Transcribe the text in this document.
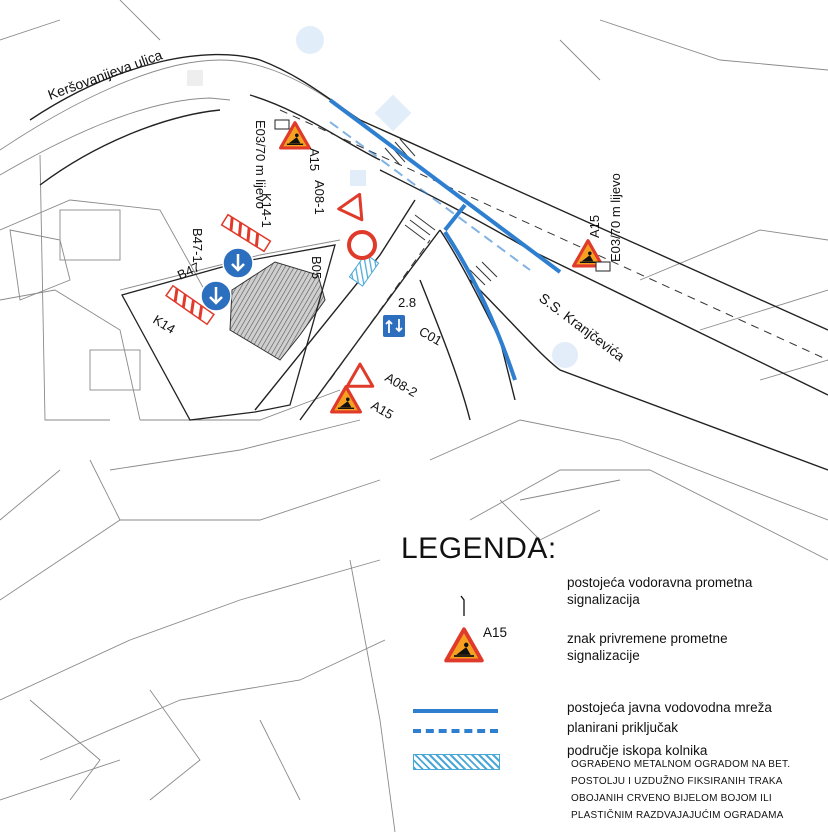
Keršovanijeva ulica
S.S. Kranjčevića
A15
E03/70 m lijevo	A08-1
B05
K14-1
B47-1
B47
K14
2.8
C01
A08-2
A15
A15 E03/70 m lijevo
LEGENDA:
postojeća vodoravna prometna signalizacija
A15	znak privremene prometne signalizacije
postojeća javna vodovodna mreža
planirani priključak
područje iskopa kolnika
OGRAĐENO METALNOM OGRADOM NA BET. POSTOLJU I UZDUŽNO FIKSIRANIH TRAKA OBOJANIH CRVENO BIJELOM BOJOM ILI PLASTIČNIM RAZDVAJAJUĆIM OGRADAMA
